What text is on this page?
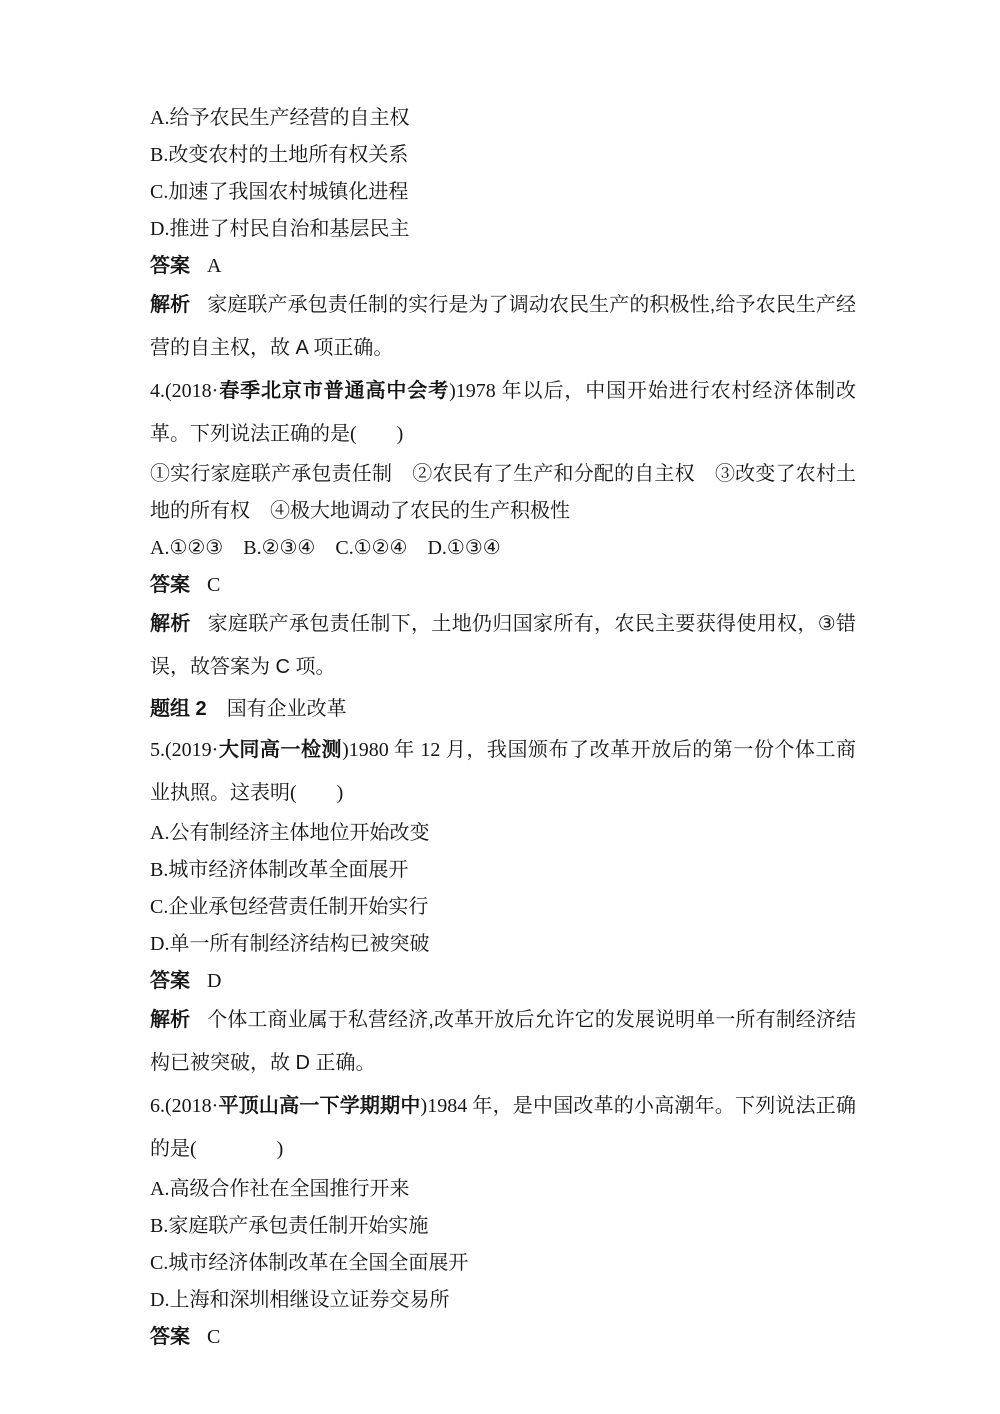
A.给予农民生产经营的自主权
B.改变农村的土地所有权关系
C.加速了我国农村城镇化进程
D.推进了村民自治和基层民主
答案 A
解析 家庭联产承包责任制的实行是为了调动农民生产的积极性,给予农民生产经营的自主权，故 A 项正确。
4.(2018·春季北京市普通高中会考)1978 年以后，中国开始进行农村经济体制改革。下列说法正确的是(　　)
①实行家庭联产承包责任制　②农民有了生产和分配的自主权　③改变了农村土地的所有权　④极大地调动了农民的生产积极性
A.①②③　B.②③④　C.①②④　D.①③④
答案 C
解析 家庭联产承包责任制下，土地仍归国家所有，农民主要获得使用权，③错误，故答案为 C 项。
题组 2 国有企业改革
5.(2019·大同高一检测)1980 年 12 月，我国颁布了改革开放后的第一份个体工商业执照。这表明(　　)
A.公有制经济主体地位开始改变
B.城市经济体制改革全面展开
C.企业承包经营责任制开始实行
D.单一所有制经济结构已被突破
答案 D
解析 个体工商业属于私营经济,改革开放后允许它的发展说明单一所有制经济结构已被突破，故 D 正确。
6.(2018·平顶山高一下学期期中)1984 年，是中国改革的小高潮年。下列说法正确的是(　　　　)
A.高级合作社在全国推行开来
B.家庭联产承包责任制开始实施
C.城市经济体制改革在全国全面展开
D.上海和深圳相继设立证券交易所
答案 C
